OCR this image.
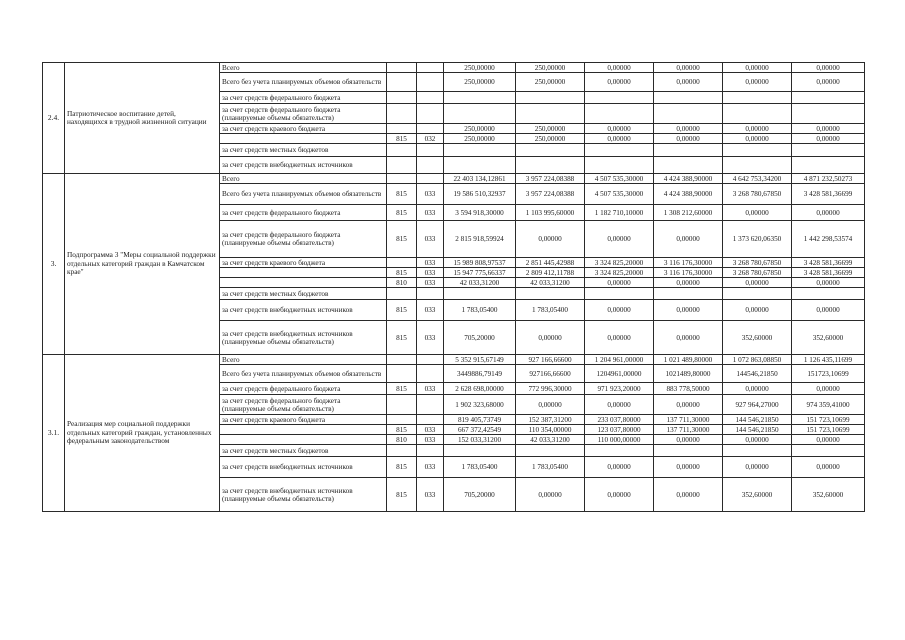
2.4.	Патриотическое воспитание детей, находящихся в трудной жизненной ситуации	Всего			250,00000	250,00000	0,00000	0,00000	0,00000	0,00000
		Всего без учета планируемых объемов обязательств			250,00000	250,00000	0,00000	0,00000	0,00000	0,00000
		за счет средств федерального бюджета								
		за счет средств федерального бюджета (планируемые объемы обязательств)								
		за счет средств краевого бюджета			250,00000	250,00000	0,00000	0,00000	0,00000	0,00000
			815	032	250,00000	250,00000	0,00000	0,00000	0,00000	0,00000
		за счет средств местных бюджетов								
		за счет средств внебюджетных источников								
3.	Подпрограмма 3 "Меры социальной поддержки отдельных категорий граждан в Камчатском крае"	Всего			22 403 134,12861	3 957 224,08388	4 507 535,30000	4 424 388,90000	4 642 753,34200	4 871 232,50273
		Всего без учета планируемых объемов обязательств	815	033	19 586 510,32937	3 957 224,08388	4 507 535,30000	4 424 388,90000	3 268 780,67850	3 428 581,36699
		за счет средств федерального бюджета	815	033	3 594 918,30000	1 103 995,60000	1 182 710,10000	1 308 212,60000	0,00000	0,00000
		за счет средств федерального бюджета (планируемые объемы обязательств)	815	033	2 815 918,59924	0,00000	0,00000	0,00000	1 373 620,06350	1 442 298,53574
		за счет средств краевого бюджета		033	15 989 808,97537	2 851 445,42988	3 324 825,20000	3 116 176,30000	3 268 780,67850	3 428 581,36699
			815	033	15 947 775,66337	2 809 412,11788	3 324 825,20000	3 116 176,30000	3 268 780,67850	3 428 581,36699
			810	033	42 033,31200	42 033,31200	0,00000	0,00000	0,00000	0,00000
		за счет средств местных бюджетов								
		за счет средств внебюджетных источников	815	033	1 783,05400	1 783,05400	0,00000	0,00000	0,00000	0,00000
		за счет средств внебюджетных источников (планируемые объемы обязательств)	815	033	705,20000	0,00000	0,00000	0,00000	352,60000	352,60000
3.1.	Реализация мер социальной поддержки отдельных категорий граждан, установленных федеральным законодательством	Всего			5 352 915,67149	927 166,66600	1 204 961,00000	1 021 489,80000	1 072 863,08850	1 126 435,11699
		Всего без учета планируемых объемов обязательств			3449886,79149	927166,66600	1204961,00000	1021489,80000	144546,21850	151723,10699
		за счет средств федерального бюджета	815	033	2 628 698,00000	772 996,30000	971 923,20000	883 778,50000	0,00000	0,00000
		за счет средств федерального бюджета (планируемые объемы обязательств)			1 902 323,68000	0,00000	0,00000	0,00000	927 964,27000	974 359,41000
		за счет средств краевого бюджета			819 405,73749	152 387,31200	233 037,80000	137 711,30000	144 546,21850	151 723,10699
			815	033	667 372,42549	110 354,00000	123 037,80000	137 711,30000	144 546,21850	151 723,10699
			810	033	152 033,31200	42 033,31200	110 000,00000	0,00000	0,00000	0,00000
		за счет средств местных бюджетов								
		за счет средств внебюджетных источников	815	033	1 783,05400	1 783,05400	0,00000	0,00000	0,00000	0,00000
		за счет средств внебюджетных источников (планируемые объемы обязательств)	815	033	705,20000	0,00000	0,00000	0,00000	352,60000	352,60000
